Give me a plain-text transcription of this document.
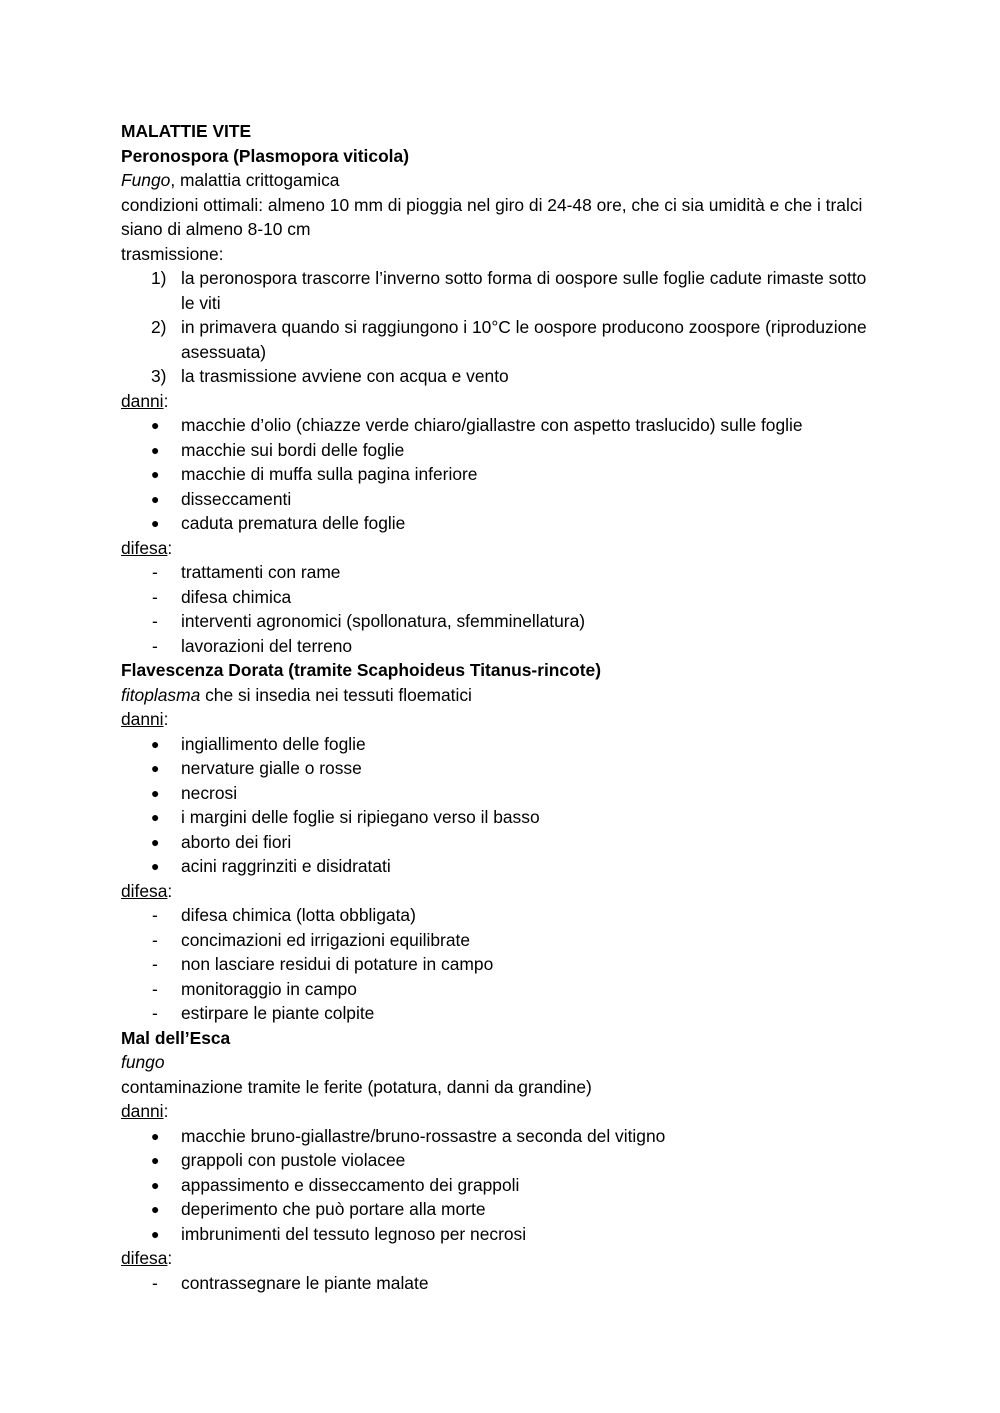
MALATTIE VITE

Peronospora (Plasmopora viticola)

Fungo, malattia crittogamica

condizioni ottimali: almeno 10 mm di pioggia nel giro di 24-48 ore, che ci sia umidità e che i tralci siano di almeno 8-10 cm

trasmissione:

1) la peronospora trascorre l’inverno sotto forma di oospore sulle foglie cadute rimaste sotto le viti
2) in primavera quando si raggiungono i 10°C le oospore producono zoospore (riproduzione asessuata)
3) la trasmissione avviene con acqua e vento

danni:

●	macchie d’olio (chiazze verde chiaro/giallastre con aspetto traslucido) sulle foglie
●	macchie sui bordi delle foglie
●	macchie di muffa sulla pagina inferiore
●	disseccamenti
●	caduta prematura delle foglie

difesa:

-	trattamenti con rame
-	difesa chimica
-	interventi agronomici (spollonatura, sfemminellatura)
-	lavorazioni del terreno

Flavescenza Dorata (tramite Scaphoideus Titanus-rincote)

fitoplasma che si insedia nei tessuti floematici

danni:

●	ingiallimento delle foglie
●	nervature gialle o rosse
●	necrosi
●	i margini delle foglie si ripiegano verso il basso
●	aborto dei fiori
●	acini raggrinziti e disidratati

difesa:

-	difesa chimica (lotta obbligata)
-	concimazioni ed irrigazioni equilibrate
-	non lasciare residui di potature in campo
-	monitoraggio in campo
-	estirpare le piante colpite

Mal dell’Esca

fungo

contaminazione tramite le ferite (potatura, danni da grandine)

danni:

●	macchie bruno-giallastre/bruno-rossastre a seconda del vitigno
●	grappoli con pustole violacee
●	appassimento e disseccamento dei grappoli
●	deperimento che può portare alla morte
●	imbrunimenti del tessuto legnoso per necrosi

difesa:

-	contrassegnare le piante malate
